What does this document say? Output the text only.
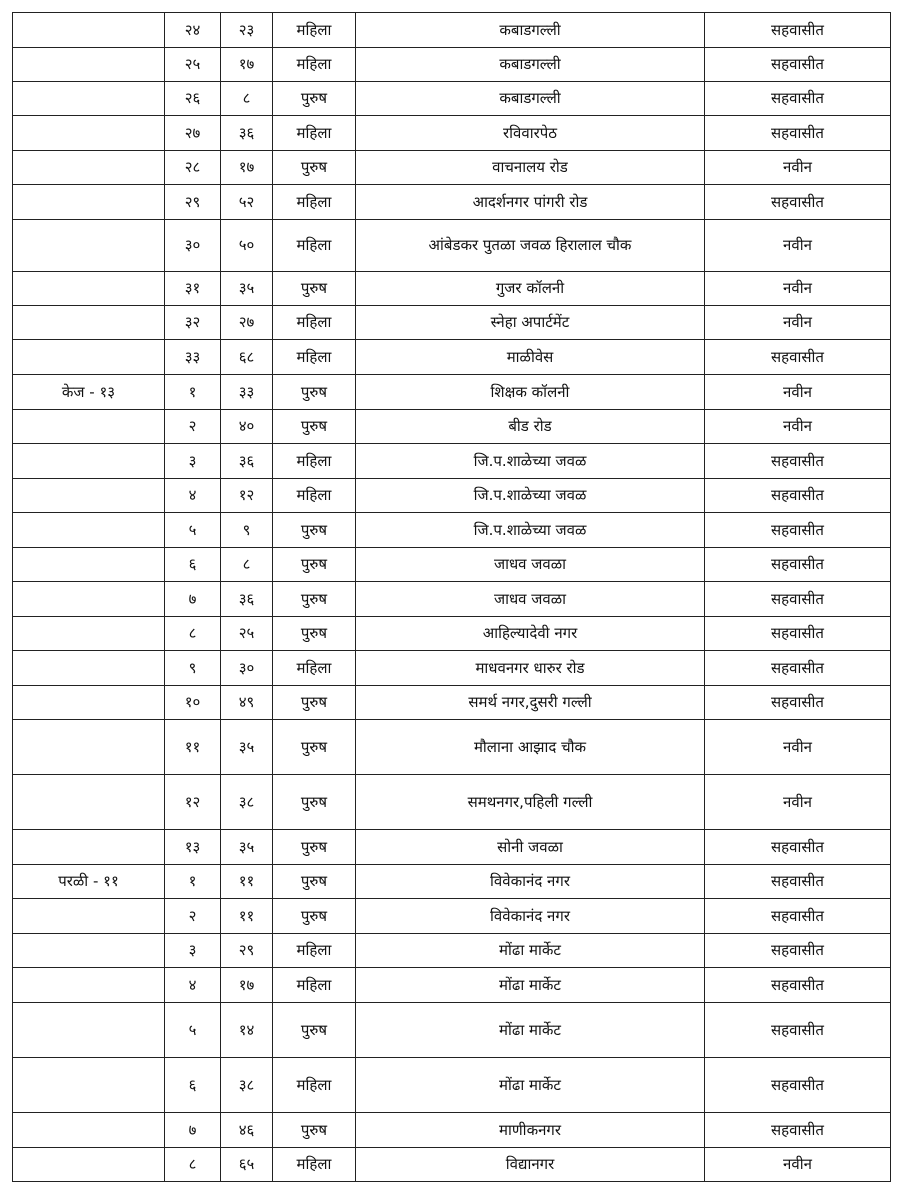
	२४	२३	महिला	कबाडगल्ली	सहवासीत
	२५	१७	महिला	कबाडगल्ली	सहवासीत
	२६	८	पुरुष	कबाडगल्ली	सहवासीत
	२७	३६	महिला	रविवारपेठ	सहवासीत
	२८	१७	पुरुष	वाचनालय रोड	नवीन
	२९	५२	महिला	आदर्शनगर पांगरी रोड	सहवासीत
	३०	५०	महिला	आंबेडकर पुतळा जवळ हिरालाल चौक	नवीन
	३१	३५	पुरुष	गुजर कॉलनी	नवीन
	३२	२७	महिला	स्नेहा अपार्टमेंट	नवीन
	३३	६८	महिला	माळीवेस	सहवासीत
केज - १३	१	३३	पुरुष	शिक्षक कॉलनी	नवीन
	२	४०	पुरुष	बीड रोड	नवीन
	३	३६	महिला	जि.प.शाळेच्या जवळ	सहवासीत
	४	१२	महिला	जि.प.शाळेच्या जवळ	सहवासीत
	५	९	पुरुष	जि.प.शाळेच्या जवळ	सहवासीत
	६	८	पुरुष	जाधव जवळा	सहवासीत
	७	३६	पुरुष	जाधव जवळा	सहवासीत
	८	२५	पुरुष	आहिल्यादेवी नगर	सहवासीत
	९	३०	महिला	माधवनगर धारुर रोड	सहवासीत
	१०	४९	पुरुष	समर्थ नगर,दुसरी गल्ली	सहवासीत
	११	३५	पुरुष	मौलाना आझाद चौक	नवीन
	१२	३८	पुरुष	समथनगर,पहिली गल्ली	नवीन
	१३	३५	पुरुष	सोनी जवळा	सहवासीत
परळी - ११	१	११	पुरुष	विवेकानंद नगर	सहवासीत
	२	११	पुरुष	विवेकानंद नगर	सहवासीत
	३	२९	महिला	मोंढा मार्केट	सहवासीत
	४	१७	महिला	मोंढा मार्केट	सहवासीत
	५	१४	पुरुष	मोंढा मार्केट	सहवासीत
	६	३८	महिला	मोंढा मार्केट	सहवासीत
	७	४६	पुरुष	माणीकनगर	सहवासीत
	८	६५	महिला	विद्यानगर	नवीन
